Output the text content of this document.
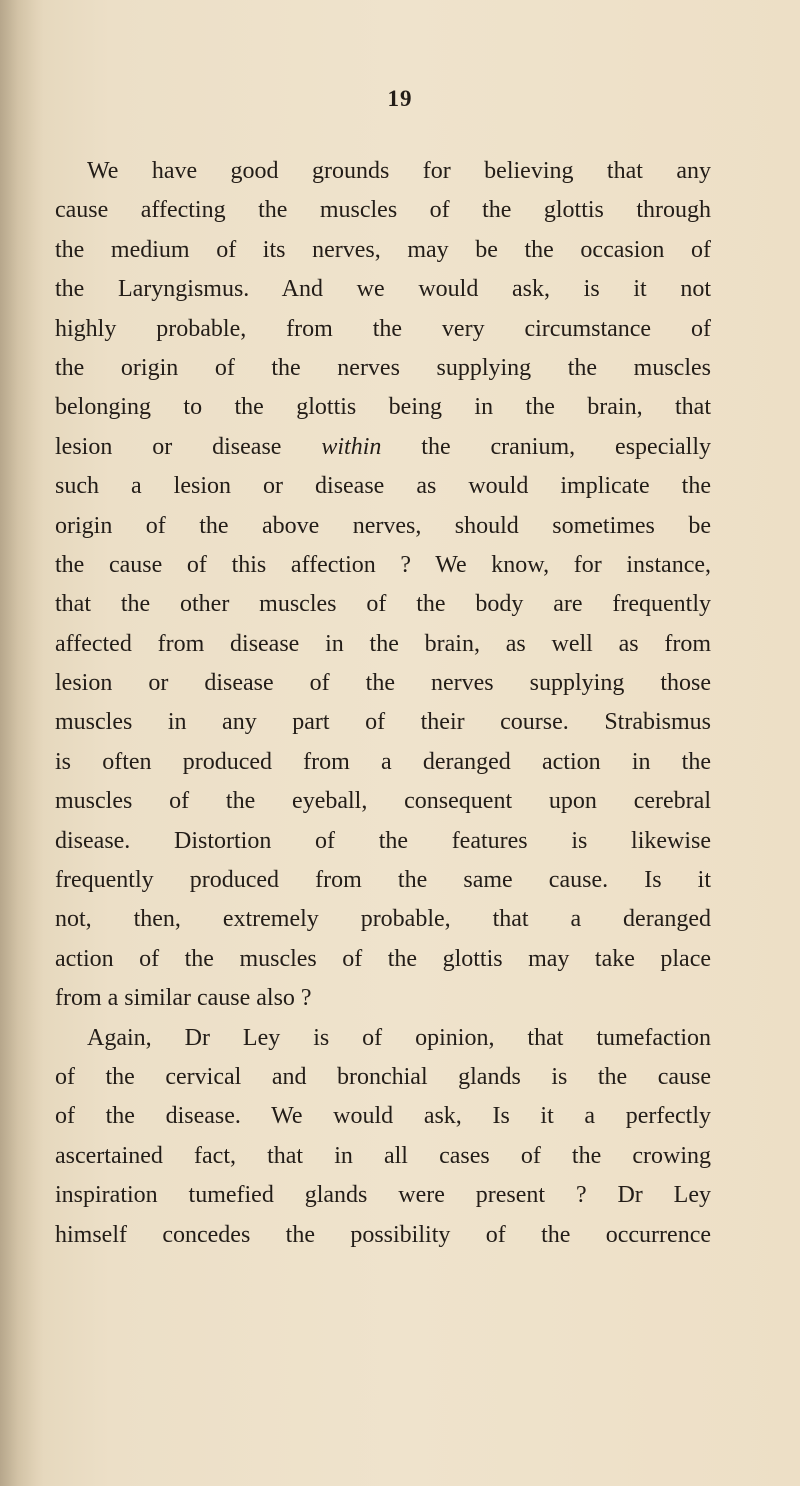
19

We have good grounds for believing that any
cause affecting the muscles of the glottis through
the medium of its nerves, may be the occasion of
the Laryngismus. And we would ask, is it not
highly probable, from the very circumstance of
the origin of the nerves supplying the muscles
belonging to the glottis being in the brain, that
lesion or disease within the cranium, especially
such a lesion or disease as would implicate the
origin of the above nerves, should sometimes be
the cause of this affection ? We know, for instance,
that the other muscles of the body are frequently
affected from disease in the brain, as well as from
lesion or disease of the nerves supplying those
muscles in any part of their course. Strabismus
is often produced from a deranged action in the
muscles of the eyeball, consequent upon cerebral
disease. Distortion of the features is likewise
frequently produced from the same cause. Is it
not, then, extremely probable, that a deranged
action of the muscles of the glottis may take place
from a similar cause also ?
Again, Dr Ley is of opinion, that tumefaction
of the cervical and bronchial glands is the cause
of the disease. We would ask, Is it a perfectly
ascertained fact, that in all cases of the crowing
inspiration tumefied glands were present ? Dr Ley
himself concedes the possibility of the occurrence
